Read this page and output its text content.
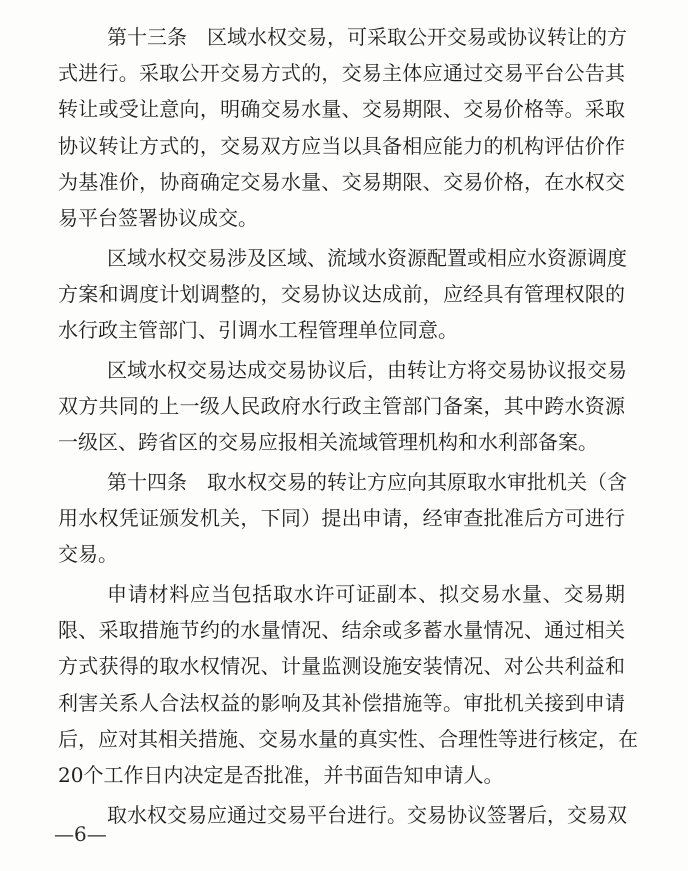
第十三条　区域水权交易，可采取公开交易或协议转让的方
式进行。采取公开交易方式的，交易主体应通过交易平台公告其
转让或受让意向，明确交易水量、交易期限、交易价格等。采取
协议转让方式的，交易双方应当以具备相应能力的机构评估价作
为基准价，协商确定交易水量、交易期限、交易价格，在水权交
易平台签署协议成交。
区域水权交易涉及区域、流域水资源配置或相应水资源调度
方案和调度计划调整的，交易协议达成前，应经具有管理权限的
水行政主管部门、引调水工程管理单位同意。
区域水权交易达成交易协议后，由转让方将交易协议报交易
双方共同的上一级人民政府水行政主管部门备案，其中跨水资源
一级区、跨省区的交易应报相关流域管理机构和水利部备案。
第十四条　取水权交易的转让方应向其原取水审批机关（含
用水权凭证颁发机关，下同）提出申请，经审查批准后方可进行
交易。
申请材料应当包括取水许可证副本、拟交易水量、交易期
限、采取措施节约的水量情况、结余或多蓄水量情况、通过相关
方式获得的取水权情况、计量监测设施安装情况、对公共利益和
利害关系人合法权益的影响及其补偿措施等。审批机关接到申请
后，应对其相关措施、交易水量的真实性、合理性等进行核定，在
20个工作日内决定是否批准，并书面告知申请人。
取水权交易应通过交易平台进行。交易协议签署后，交易双
—6—
